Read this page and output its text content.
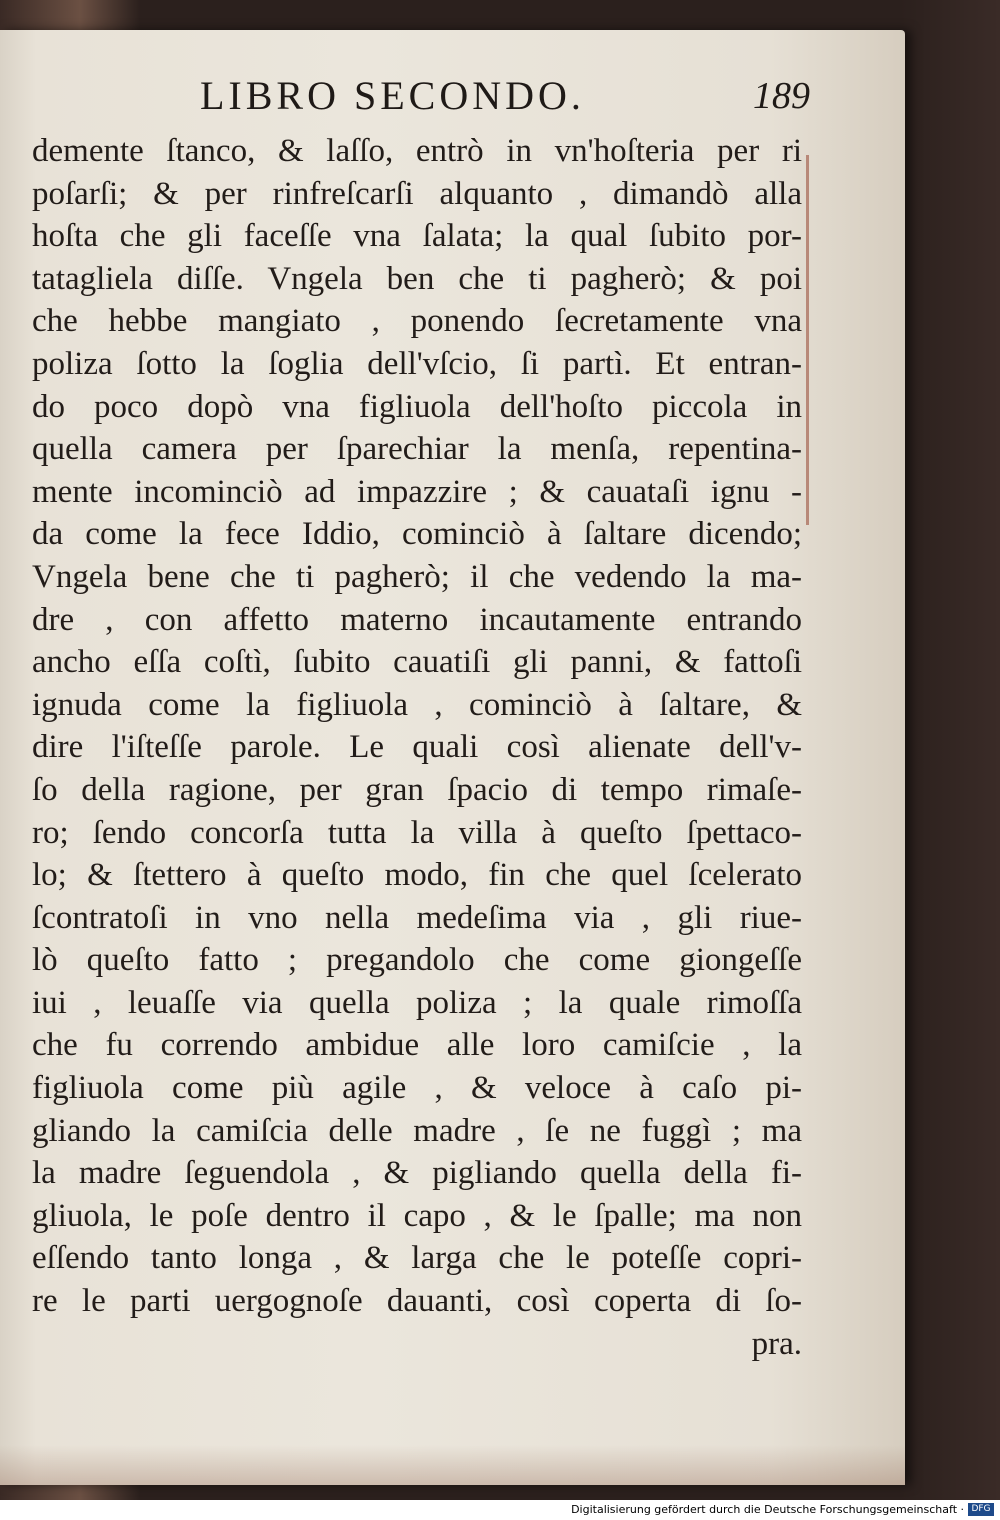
LIBRO SECONDO.	189
demente ſtanco, & laſſo, entrò in vn'hoſteria per ri
poſarſi; & per rinfreſcarſi alquanto , dimandò alla
hoſta che gli faceſſe vna ſalata; la qual ſubito por-
tatagliela diſſe. Vngela ben che ti pagherò; & poi
che hebbe mangiato , ponendo ſecretamente vna
poliza ſotto la ſoglia dell'vſcio, ſi partì. Et entran-
do poco dopò vna figliuola dell'hoſto piccola in
quella camera per ſparechiar la menſa, repentina-
mente incominciò ad impazzire ; & cauataſi ignu -
da come la fece Iddio, cominciò à ſaltare dicendo;
Vngela bene che ti pagherò; il che vedendo la ma-
dre , con affetto materno incautamente entrando
ancho eſſa coſtì, ſubito cauatiſi gli panni, & fattoſi
ignuda come la figliuola , cominciò à ſaltare, &
dire l'iſteſſe parole. Le quali così alienate dell'v-
ſo della ragione, per gran ſpacio di tempo rimaſe-
ro; ſendo concorſa tutta la villa à queſto ſpettaco-
lo; & ſtettero à queſto modo, fin che quel ſcelerato
ſcontratoſi in vno nella medeſima via , gli riue-
lò queſto fatto ; pregandolo che come giongeſſe
iui , leuaſſe via quella poliza ; la quale rimoſſa
che fu correndo ambidue alle loro camiſcie , la
figliuola come più agile , & veloce à caſo pi-
gliando la camiſcia delle madre , ſe ne fuggì ; ma
la madre ſeguendola , & pigliando quella della fi-
gliuola, le poſe dentro il capo , & le ſpalle; ma non
eſſendo tanto longa , & larga che le poteſſe copri-
re le parti uergognoſe dauanti, così coperta di ſo-
pra.
Digitalisierung gefördert durch die Deutsche Forschungsgemeinschaft · DFG
